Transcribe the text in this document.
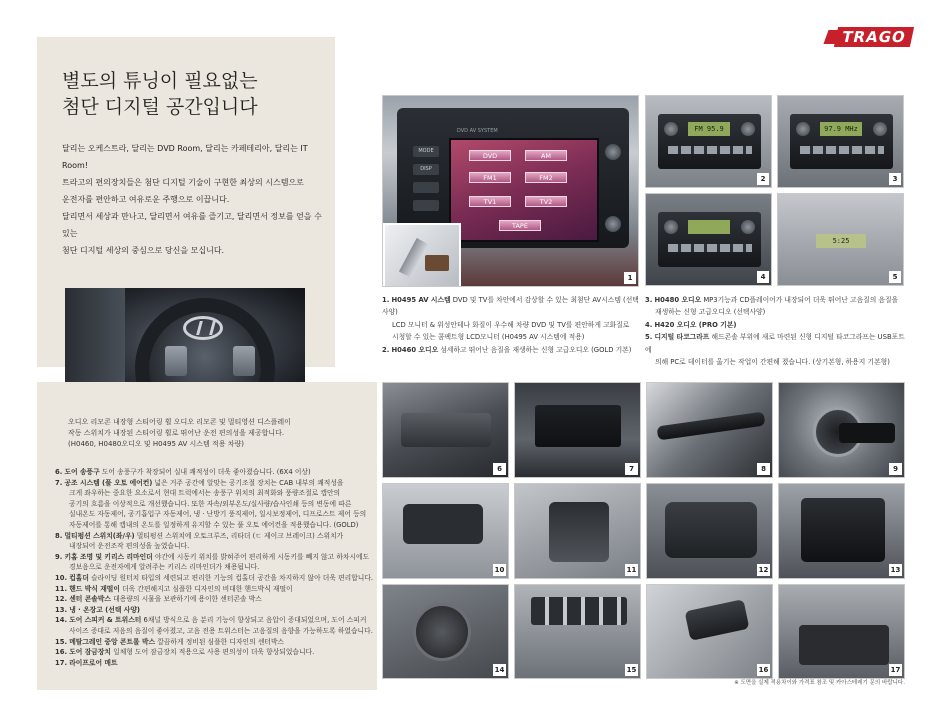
TRAGO
별도의 튜닝이 필요없는
첨단 디지털 공간입니다
달리는 오케스트라, 달리는 DVD Room, 달리는 카페테리아, 달리는 IT Room!
트라고의 편의장치들은 첨단 디지털 기술이 구현한 최상의 시스템으로
운전자를 편안하고 여유로운 주행으로 이끕니다.
달리면서 세상과 만나고, 달리면서 여유를 즐기고, 달리면서 정보를 얻을 수 있는
첨단 디지털 세상의 중심으로 당신을 모십니다.
오디오 리모콘 내장형 스티어링 휠 오디오 리모콘 및 멀티영션 디스플레이
작동 스위치가 내장된 스티어링 휠로 뛰어난 운전 편의성을 제공합니다.
(H0460, H0480오디오 및 H0495 AV 시스템 적용 차량)
6. 도어 송풍구 도어 송풍구가 착장되어 실내 쾌적성이 더욱 좋아졌습니다. (6X4 이상)
7. 공조 시스템 (풀 오토 에어컨) 넓은 거주 공간에 알맞는 공기조절 장치는 CAB 내부의 쾌적성을
크게 좌우하는 중요한 요소로서 현대 트럭에서는 송풍구 위치의 최적화와 풍량조절로 캡안의
공기의 흐름을 이상적으로 개선했습니다. 또한 자속/외부온도/실사량/습사인쇄 등의 변동에 따른
실내온도 자동제어, 공기흡입구 자동제어, 냉 · 난방기 풍직제어, 일시보정제어, 디프로스트 제어 등의
자동제어를 통해 캡내의 온도를 일정하게 유지할 수 있는 풀 오토 에어컨을 적용했습니다. (GOLD)
8. 멀티펑션 스위치(좌/우) 멀티펑션 스위치에 오토크루즈, 리타더 (ㄷ 제이크 브레이크) 스위치가
내장되어 운전조작 편의성을 높였습니다.
9. 키홈 조명 및 키리스 리마인더 야간에 시동키 위치를 밝혀주어 편리하게 시동키를 빼지 않고 하차시에도
경보음으로 운전자에게 알려주는 키리스 리마인더가 채용됩니다.
10. 컵홀더 슬라이딩 원터치 타입의 세련되고 편리한 기능의 컵홀더 공간을 차지하지 않아 더욱 편리합니다.
11. 핸드 박식 재떨이 더욱 간편해지고 심플한 디자인의 비대한 핸드박식 재떨이
12. 센터 콘솔박스 대용량의 시물을 보관하기에 용이한 센터콘솔 박스
13. 냉 · 온장고 (선택 사양)
14. 도어 스피커 & 트위스터 6채널 방식으로 음 분리 기능이 향상되고 음압이 증대되었으며, 도어 스피커
사이즈 증대로 저음의 음질이 좋아졌고, 고음 전용 트위스터는 고음질의 음향을 가능하도록 하였습니다.
15. 메탈그레인 중앙 콘트롤 박스 깔끔하게 정비된 심플한 디자인의 센터박스
16. 도어 잠금장치 일체형 도어 잠금장치 적용으로 사용 편의성이 더욱 향상되었습니다.
17. 라이프로어 매트
DVD AV SYSTEM
MODE
DISP
DVD	AM
FM1	FM2
TV1	TV2
TAPE
1
FM 95.9
2
97.9 MHz
3
4
5:25
5
1. H0495 AV 시스템 DVD 및 TV를 차안에서 감상할 수 있는 최첨단 AV시스템 (선택사양)
LCD 모니터 & 위성안테나 화질이 우수해 차량 DVD 및 TV를 편안하게 고화질로
시청할 수 있는 콤팩트형 LCD모니터 (H0495 AV 시스템에 적용)
2. H0460 오디오 섬세하고 뛰어난 음질을 재생하는 신형 고급오디오 (GOLD 기본)
3. H0480 오디오 MP3기능과 CD플레이어가 내장되어 더욱 뛰어난 고음질의 음질을
재생하는 신형 고급오디오 (선택사양)
4. H420 오디오 (PRO 기본)
5. 디지털 타코그라프 해드콘솔 부위에 새로 마련된 신형 디지털 타코그라프는 USB포트에
의해 PC로 데이터를 옮기는 작업이 간편해 졌습니다. (상기본형, 하용지 기본형)
6	7	8	9
10	11	12	13
14	15	16	17
※ 도면을 실제 적용차이와 가격표 참조 및 카아스테레기 문의 바랍니다.
